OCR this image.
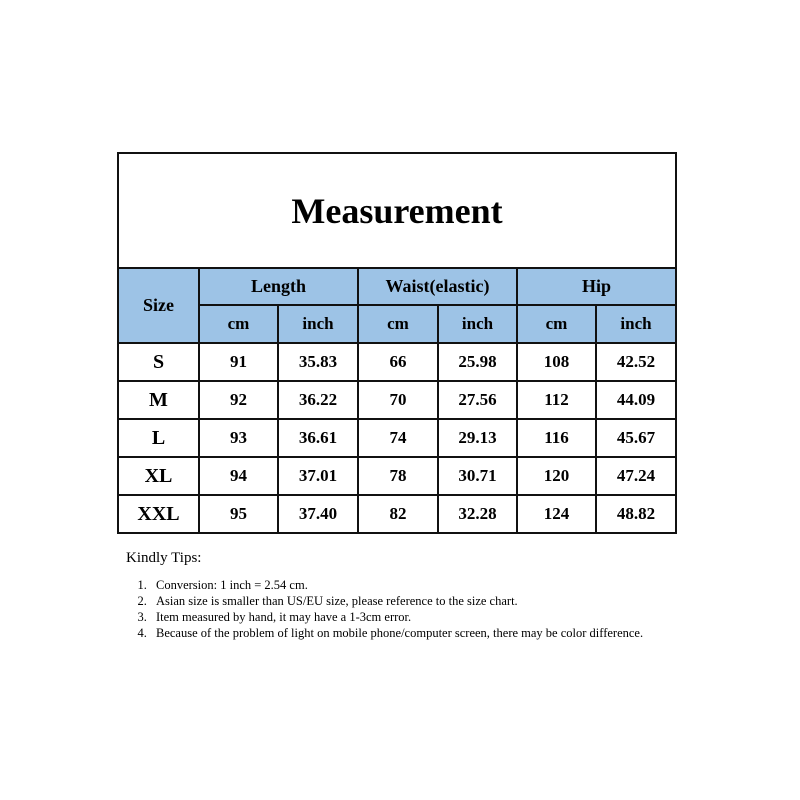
Measurement						
Size	Length		Waist(elastic)		Hip	
	cm	inch	cm	inch	cm	inch
S	91	35.83	66	25.98	108	42.52
M	92	36.22	70	27.56	112	44.09
L	93	36.61	74	29.13	116	45.67
XL	94	37.01	78	30.71	120	47.24
XXL	95	37.40	82	32.28	124	48.82
Kindly Tips:
1. Conversion: 1 inch = 2.54 cm.
2. Asian size is smaller than US/EU size, please reference to the size chart.
3. Item measured by hand, it may have a 1-3cm error.
4. Because of the problem of light on mobile phone/computer screen, there may be color difference.
